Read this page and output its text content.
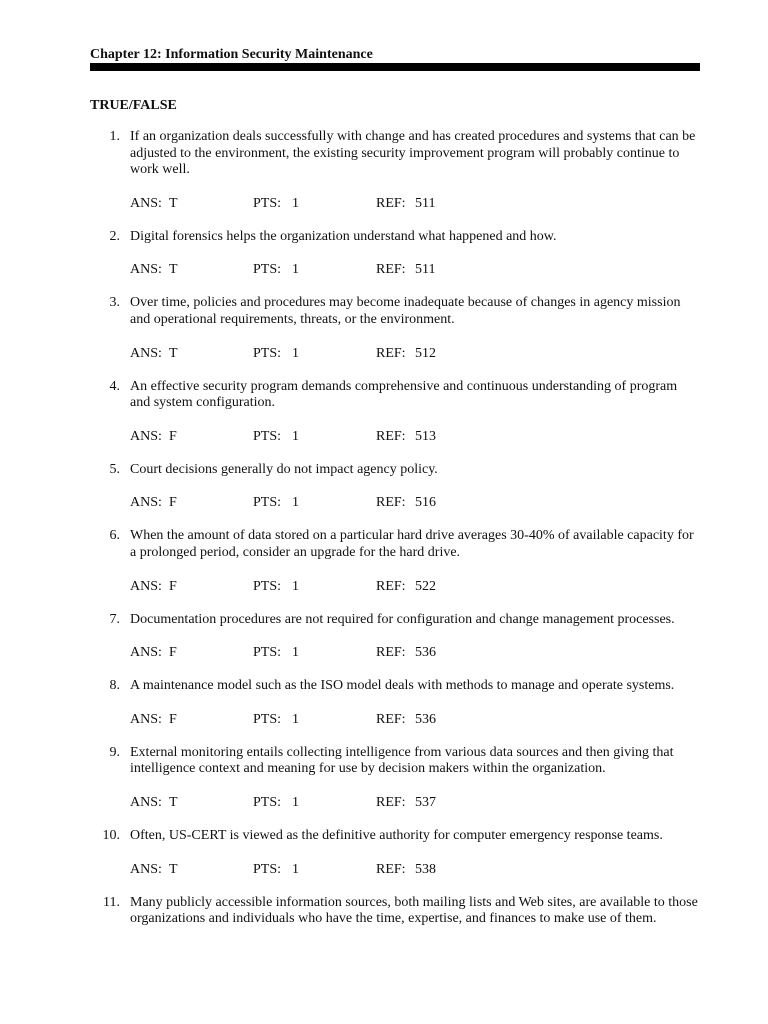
Chapter 12: Information Security Maintenance
TRUE/FALSE
1. If an organization deals successfully with change and has created procedures and systems that can be adjusted to the environment, the existing security improvement program will probably continue to work well.
ANS: T	PTS: 1	REF: 511
2. Digital forensics helps the organization understand what happened and how.
ANS: T	PTS: 1	REF: 511
3. Over time, policies and procedures may become inadequate because of changes in agency mission and operational requirements, threats, or the environment.
ANS: T	PTS: 1	REF: 512
4. An effective security program demands comprehensive and continuous understanding of program and system configuration.
ANS: F	PTS: 1	REF: 513
5. Court decisions generally do not impact agency policy.
ANS: F	PTS: 1	REF: 516
6. When the amount of data stored on a particular hard drive averages 30-40% of available capacity for a prolonged period, consider an upgrade for the hard drive.
ANS: F	PTS: 1	REF: 522
7. Documentation procedures are not required for configuration and change management processes.
ANS: F	PTS: 1	REF: 536
8. A maintenance model such as the ISO model deals with methods to manage and operate systems.
ANS: F	PTS: 1	REF: 536
9. External monitoring entails collecting intelligence from various data sources and then giving that intelligence context and meaning for use by decision makers within the organization.
ANS: T	PTS: 1	REF: 537
10. Often, US-CERT is viewed as the definitive authority for computer emergency response teams.
ANS: T	PTS: 1	REF: 538
11. Many publicly accessible information sources, both mailing lists and Web sites, are available to those organizations and individuals who have the time, expertise, and finances to make use of them.
